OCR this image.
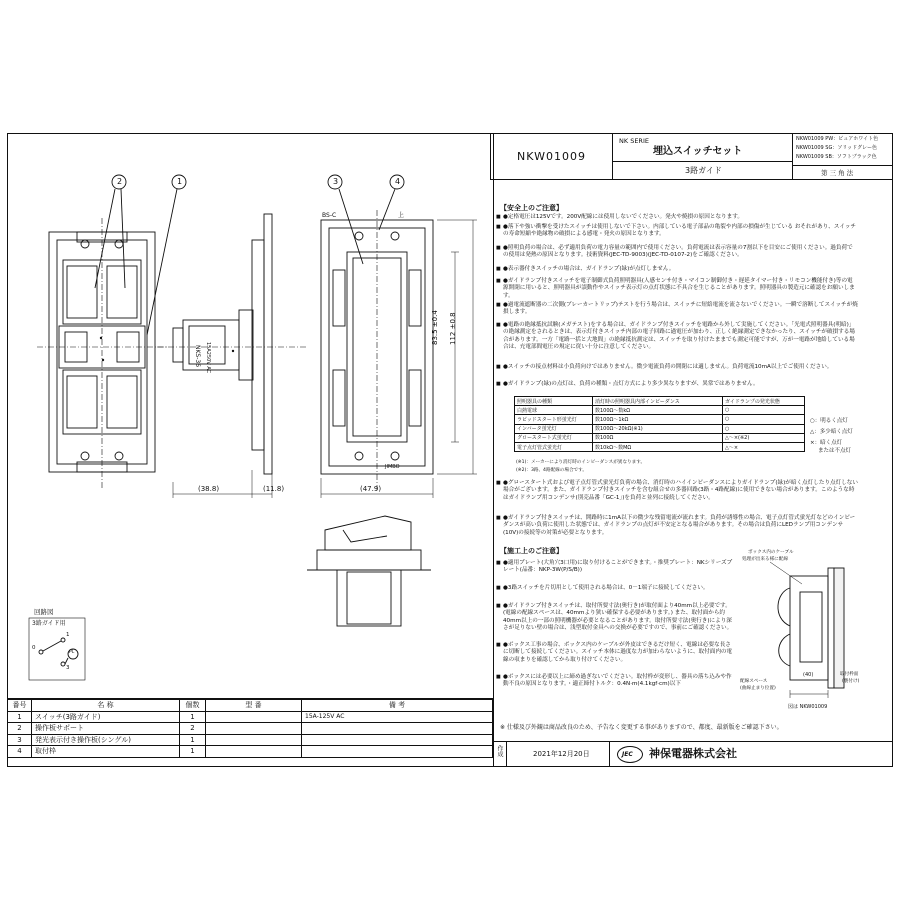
NKW01009
NK SERIE
埋込スイッチセット
3路ガイド
NKW01009 PW：ピュアホワイト色
NKW01009 SG：ソリッドグレー色
NKW01009 SB：ソフトブラック色
第 三 角 法
2	1	3	4
BS-C	上
(38.8)	(11.8)	(47.9)
83.5 ±0.4 112 ±0.8
NKS-36 15A250V AC
JIMBO
回路図
3路ガイド用
0
1
3
PL
【安全上のご注意】
■ ●定格電圧は125Vです。200V配線には使用しないでください。発火や焼損の原因となります。
■ ●落下や強い衝撃を受けたスイッチは使用しないで下さい。内部している電子部品の亀裂や内部の損傷が生じている おそれがあり、スイッチの寿命短縮や絶縁物の破損による感電・発火の原因となります。
■ ●照明負荷の場合は、必ず適用負荷の電力容量の範囲内で使用ください。負荷電流は表示容量の7割以下を目安にご使用ください。過負荷での使用は発熱の原因となります。技術資料(JEC-TD-9003)(JEC-TD-0107-2)をご確認ください。
■ ●表示器付きスイッチの場合は、ガイドランプ(緑)が点灯しません。
■ ●ガイドランプ付きスイッチを電子制御式負荷照明器具(人感センサ付き・マイコン制御付き・遅延タイマー付き・リモコン機能付き)等の電源開閉に用いると、照明器具が誤動作やスイッチ表示灯の点灯状態に不具合を生じることがあります。照明器具の製造元に確認をお願いします。
■ ●過電流遮断器の二次側(ブレーカートリップ)テストを行う場合は、スイッチに短絡電流を流さないでください。一瞬で溶断してスイッチが焼損します。
■ ●電路の絶縁抵抗試験(メガテスト)をする場合は、ガイドランプ付きスイッチを電路から外して実施してください。「光電式照明器具(明暗)」の絶縁測定をされるときは、表示灯付きスイッチ内部の電子回路に過電圧が加わり、正しく絶縁測定できなかったり、スイッチが破損する場合があります。一方「電路一括と大地間」の絶縁抵抗測定は、スイッチを取り付けたままでも測定可能ですが、万が一電路が地絡している場合は、充電部間電圧の規定に従い十分に注意してください。
■ ●スイッチの接点材料は小負荷向けではありません。微少電流負荷の開閉には適しません。負荷電流10mA以上でご使用ください。
■ ●ガイドランプ(緑)の点灯は、負荷の種類・点灯方式により多少異なりますが、異常ではありません。
照明器具の種類	消灯時の照明器具内部インピーダンス	ガイドランプの発光状態
白熱電球	数100Ω～数kΩ	○
ラピッドスタート形蛍光灯	数100Ω～1kΩ	○
インバータ蛍光灯	数100Ω～20kΩ(※1)	○
グロースタート式蛍光灯	数100Ω	△～×(※2)
電子点灯管式蛍光灯	数10kΩ～数MΩ	△～×
○：明るく点灯
△：多少暗く点灯
×：暗く点灯
または不点灯
(※1)：メーカーにより消灯時のインピーダンスが異なります。
(※2)：3路、4路配線の場合です。
■ ●グロースタート式および電子点灯管式蛍光灯負荷の場合、消灯時のハイインピーダンスによりガイドランプ(緑)が暗く点灯したり点灯しない場合がございます。また、ガイドランプ付きスイッチを含む組合せの多器回路(3路・4路配線)に使用できない場合があります。このような時はガイドランプ用コンデンサ(別売品番「GC-1」)を負荷と並列に接続してください。
■ ●ガイドランプ付きスイッチは、開路時に1mA以下の微少な残留電流が流れます。負荷が誘導性の場合、電子点灯管式蛍光灯などのインピーダンスが高い負荷に使用した状態では、ガイドランプの点灯が不安定となる場合があります。その場合は負荷にLEDランプ用コンデンサ(10V)の接続等の対策が必要となります。
【施工上のご注意】
■ ●適用プレート(大角穴3口用)に取り付けることができます。・推奨プレート：NKシリーズプレート(品番：NKP-3W(P/S/B))
■ ●3路スイッチを片切用として使用される場合は、0－1端子に接続してください。
■ ●ガイドランプ付きスイッチは、取付所要寸法(奥行き)が取付面より40mm以上必要です。(電線の配線スペースは、40mmより狭い確保する必要があります。) また、取付面から約40mm以上の一部の照明機器が必要となることがあります。取付所要寸法(奥行き)により深さが足りない壁の場合は、浅型取付金具への交換が必要ですので、事前にご確認ください。
■ ●ボックス工事の場合、ボックス内のケーブルが外皮はできるだけ短く、電線は必要な長さに切断して接続してください。スイッチ本体に過度な力が加わらないように、取付面内の電線の収まりを確認してから取り付けてください。
■ ●ボックスには必要以上に締め過ぎないでください。取付枠が変形し、器具の落ち込みや作動不良の原因となります。・適正締付トルク：0.4N·m(4.1kgf·cm)以下
ボックス内のケーブル
処理が出来る様に配線
(40)
配線スペース
(曲線止まり位置)
取付枠面
(裏付け)
図は NKW01009
※ 仕様及び外観は商品改良のため、予告なく変更する事がありますので、都度、最新版をご確認下さい。
番号	名 称	個数	型 番	備 考
1	スイッチ(3路ガイド)	1		15A-125V AC
2	操作板サポート	2		
3	発光表示付き操作板(シングル)	1		
4	取付枠	1			作成	2021年12月20日	JEC 神保電器株式会社
